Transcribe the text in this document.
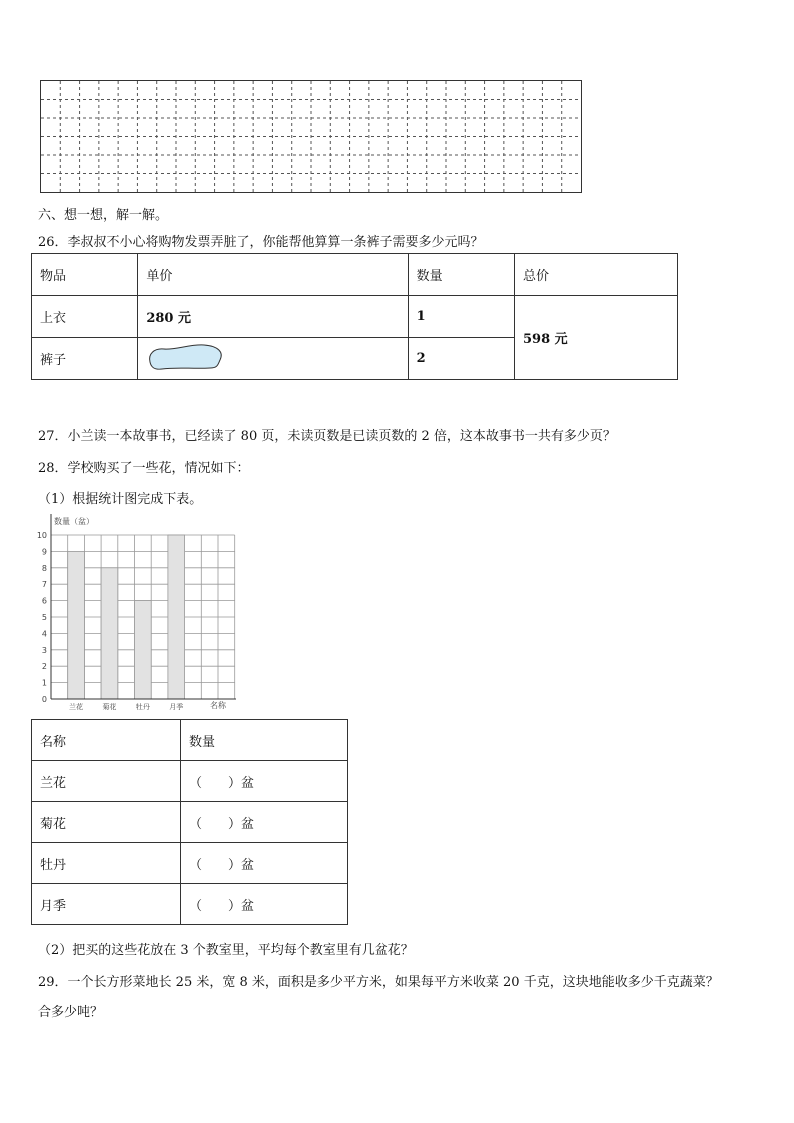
六、想一想，解一解。
26．李叔叔不小心将购物发票弄脏了，你能帮他算算一条裤子需要多少元吗？
物品	单价	数量	总价
上衣	280 元	1	598 元
裤子		2	
27．小兰读一本故事书，已经读了 80 页，未读页数是已读页数的 2 倍，这本故事书一共有多少页？
28．学校购买了一些花，情况如下：
（1）根据统计图完成下表。
0
1
2
3
4
5
6
7
8
9
10
兰花	菊花	牡丹	月季
数量（盆）
名称
名称	数量
兰花	（　　）盆
菊花	（　　）盆
牡丹	（　　）盆
月季	（　　）盆
（2）把买的这些花放在 3 个教室里，平均每个教室里有几盆花？
29．一个长方形菜地长 25 米，宽 8 米，面积是多少平方米，如果每平方米收菜 20 千克，这块地能收多少千克蔬菜？
合多少吨？
